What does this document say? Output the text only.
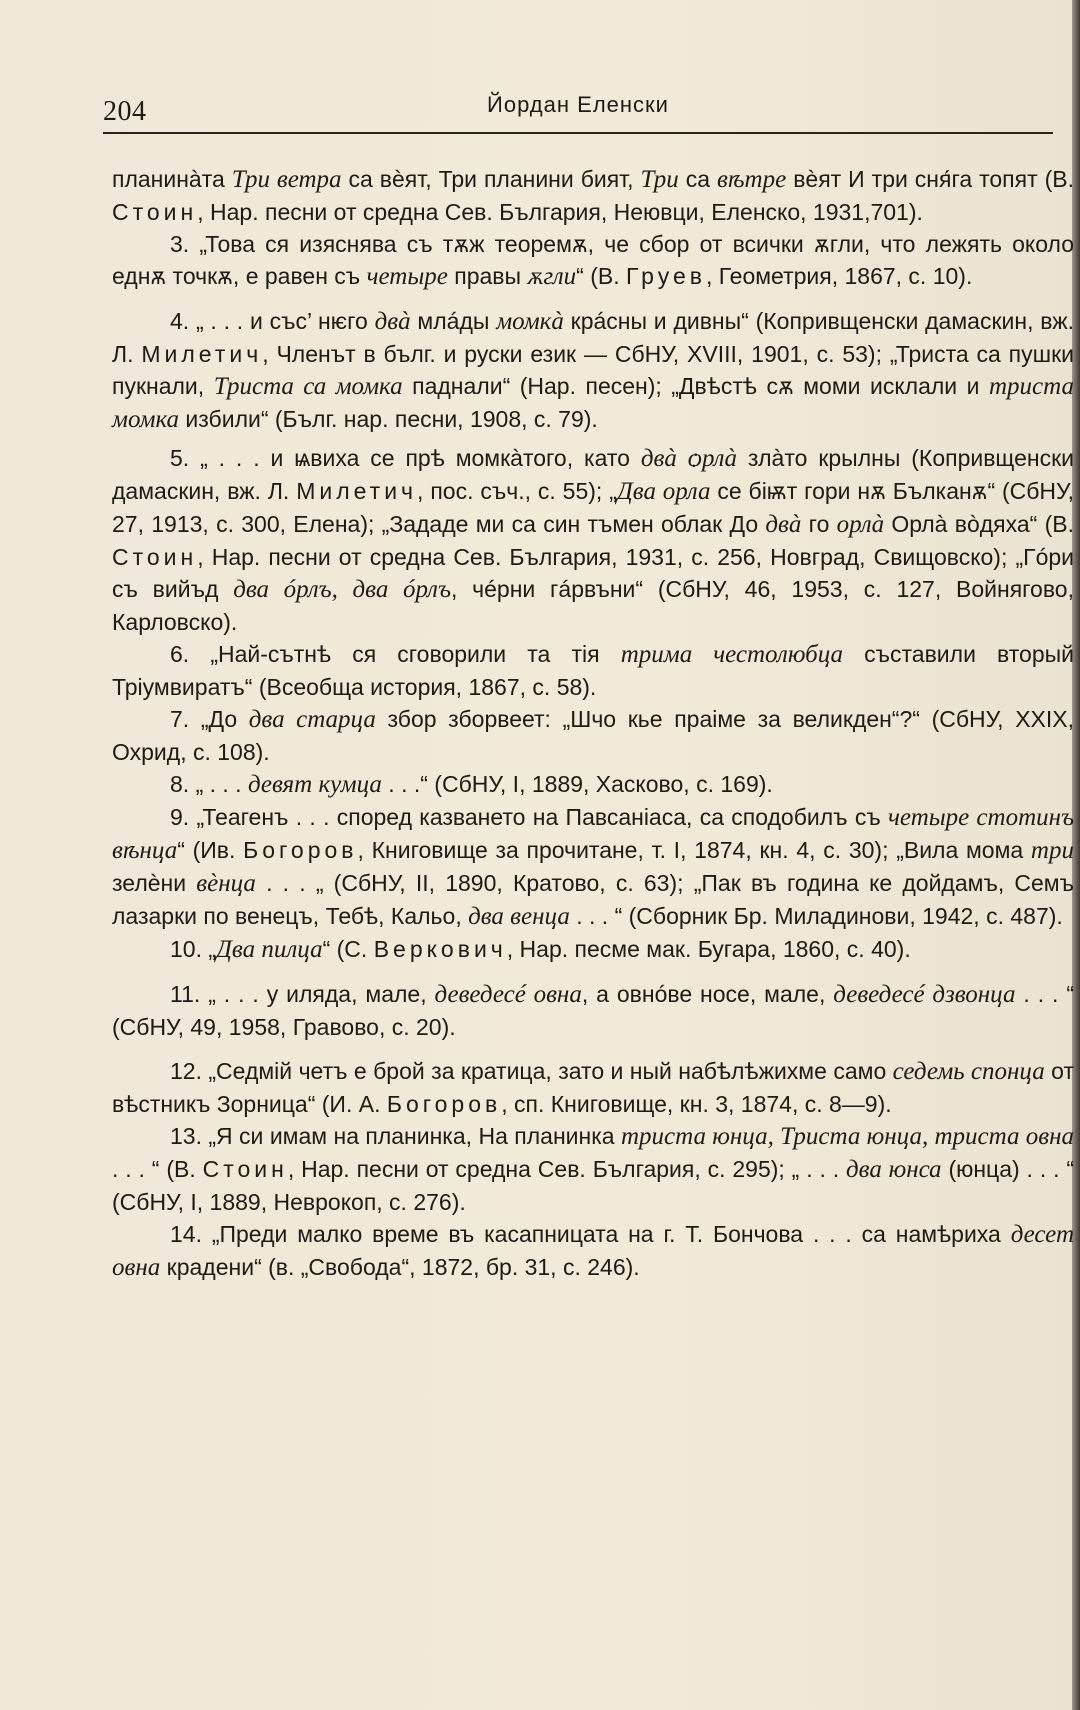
204	Йордан Еленски

планинàта Три ветра са вѐят, Три планини бият, Три са вѣтре вѐят И три сня́га топят (В. Стоин, Нар. песни от средна Сев. България, Неювци, Еленско, 1931,701).

3. „Това ся изяснява съ тѫж теоремѫ, че сбор от всички ѫгли, что лежять около еднѫ точкѫ, е равен съ четыре правы ѫгли“ (В. Груев, Геометрия, 1867, с. 10).

4. „ . . . и със’ нѥго двà млáды момкà крáсны и дивны“ (Копривщенски дамаскин, вж. Л. Милетич, Членът в бълг. и руски език — СбНУ, XVIII, 1901, с. 53); „Триста са пушки пукнали, Триста са момка паднали“ (Нар. песен); „Двѣстѣ сѫ моми исклали и триста момка избили“ (Бълг. нар. песни, 1908, с. 79).

5. „ . . . и ѩвиха се прѣ момкàтого, като двà ѻрлà злàто крылны (Копривщенски дамаскин, вж. Л. Милетич, пос. съч., с. 55); „Два орла се біѭт гори нѫ Бълканѫ“ (СбНУ, 27, 1913, с. 300, Елена); „Зададе ми са син тъмен облак До двà го орлà Орлà вòдяха“ (В. Стоин, Нар. песни от средна Сев. България, 1931, с. 256, Новград, Свищовско); „Гóри съ вийъд два óрлъ, два óрлъ, чéрни гáрвъни“ (СбНУ, 46, 1953, с. 127, Войнягово, Карловско).

6. „Най-сътнѣ ся сговорили та тія трима честолюбца съставили вторый Тріумвиратъ“ (Всеобща история, 1867, с. 58).

7. „До два старца збор зборвеет: „Шчо кье праіме за великден“?“ (СбНУ, XXIX, Охрид, с. 108).

8. „ . . . девят кумца . . .“ (СбНУ, I, 1889, Хасково, с. 169).

9. „Теагенъ . . . според казването на Павсаніаса, са сподобилъ съ четыре стотинъ вѣнца“ (Ив. Богоров, Книговище за прочитане, т. I, 1874, кн. 4, с. 30); „Вила мома три зелѐни вѐнца . . . „ (СбНУ, II, 1890, Кратово, с. 63); „Пак въ година ке дойдамъ, Семъ лазарки по венецъ, Тебѣ, Кальо, два венца . . . “ (Сборник Бр. Миладинови, 1942, с. 487).

10. „Два пилца“ (С. Веркович, Нар. песме мак. Бугара, 1860, с. 40).

11. „ . . . у иляда, мале, деведесé овна, а овнóве носе, мале, деведесé дзвонца . . . “ (СбНУ, 49, 1958, Гравово, с. 20).

12. „Седмій четъ е брой за кратица, зато и ный набѣлѣжихме само седемь спонца от вѣстникъ Зорница“ (И. А. Богоров, сп. Книговище, кн. 3, 1874, с. 8—9).

13. „Я си имам на планинка, На планинка триста юнца, Триста юнца, триста овна . . . “ (В. Стоин, Нар. песни от средна Сев. България, с. 295); „ . . . два юнса (юнца) . . . “ (СбНУ, I, 1889, Неврокоп, с. 276).

14. „Преди малко време въ касапницата на г. Т. Бончова . . . са намѣриха десет овна крадени“ (в. „Свобода“, 1872, бр. 31, с. 246).
